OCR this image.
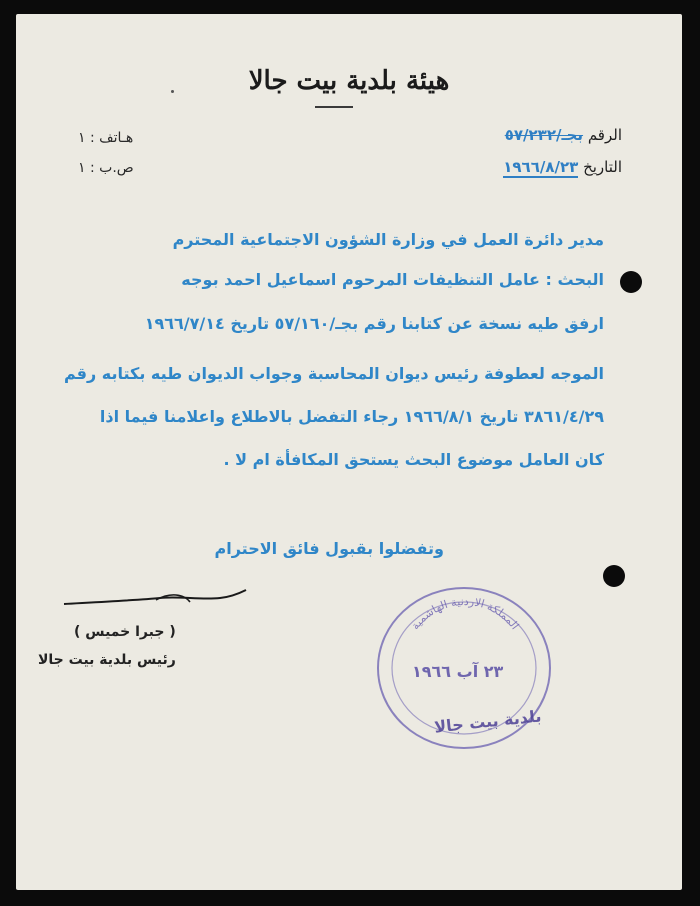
هيئة بلدية بيت جالا
هـاتف : ١
ص.ب : ١
الرقم بجـ/٥٧/٢٣٢
التاريخ ١٩٦٦/٨/٢٣
مدير دائرة العمل في وزارة الشؤون الاجتماعية المحترم
البحث : عامل التنظيفات المرحوم اسماعيل احمد بوجه
ارفق طيه نسخة عن كتابنا رقم بجـ/٥٧/١٦٠ تاريخ ١٩٦٦/٧/١٤
الموجه لعطوفة رئيس ديوان المحاسبة وجواب الديوان طيه بكتابه رقم
٣٨٦١/٤/٢٩ تاريخ ١٩٦٦/٨/١ رجاء التفضل بالاطلاع واعلامنا فيما اذا
كان العامل موضوع البحث يستحق المكافأة ام لا .
وتفضلوا بقبول فائق الاحترام
( جبرا خميس )
رئيس بلدية بيت جالا
المملكة الاردنية الهاشمية
٢٣ آب ١٩٦٦
بلدية بيت جالا
